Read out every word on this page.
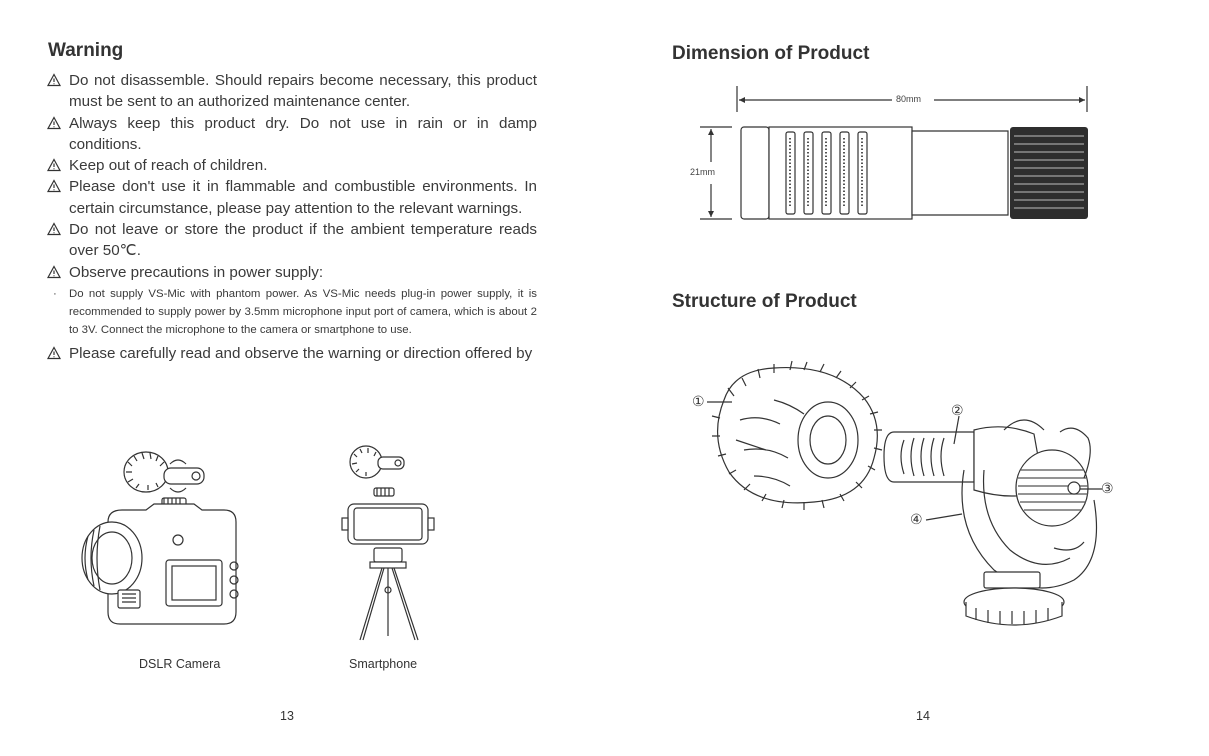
Warning
Do not disassemble. Should repairs become necessary, this product must be sent to an authorized maintenance center.
Always keep this product dry. Do not use in rain or in damp conditions.
Keep out of reach of children.
Please don't use it in flammable and combustible environments. In certain circumstance, please pay attention to the relevant warnings.
Do not leave or store the product if the ambient temperature reads over 50℃.
Observe precautions in power supply:
· Do not supply VS-Mic with phantom power. As VS-Mic needs plug-in power supply, it is recommended to supply power by 3.5mm microphone input port of camera, which is about 2 to 3V. Connect the microphone to the camera or smartphone to use.
Please carefully read and observe the warning or direction offered by
DSLR Camera	Smartphone
13
Dimension of Product
80mm
21mm
Structure of Product
①
②
③
④
14
